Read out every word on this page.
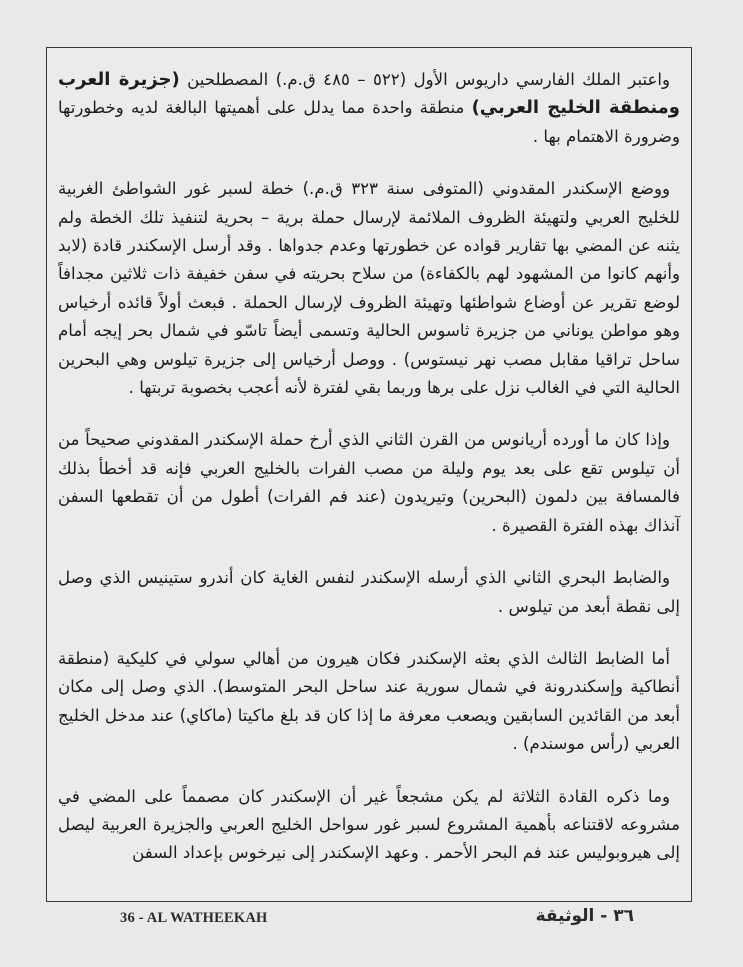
واعتبر الملك الفارسي داريوس الأول (٥٢٢ – ٤٨٥ ق.م.) المصطلحين (جزيرة العرب ومنطقة الخليج العربي) منطقة واحدة مما يدلل على أهميتها البالغة لديه وخطورتها وضرورة الاهتمام بها .

ووضع الإسكندر المقدوني (المتوفى سنة ٣٢٣ ق.م.) خطة لسبر غور الشواطئ الغربية للخليج العربي ولتهيئة الظروف الملائمة لإرسال حملة برية – بحرية لتنفيذ تلك الخطة ولم يثنه عن المضي بها تقارير قواده عن خطورتها وعدم جدواها . وقد أرسل الإسكندر قادة (لابد وأنهم كانوا من المشهود لهم بالكفاءة) من سلاح بحريته في سفن خفيفة ذات ثلاثين مجدافاً لوضع تقرير عن أوضاع شواطئها وتهيئة الظروف لإرسال الحملة . فبعث أولاً قائده أرخياس وهو مواطن يوناني من جزيرة ثاسوس الحالية وتسمى أيضاً تاسّو في شمال بحر إيجه أمام ساحل تراقيا مقابل مصب نهر نيستوس) . ووصل أرخياس إلى جزيرة تيلوس وهي البحرين الحالية التي في الغالب نزل على برها وربما بقي لفترة لأنه أعجب بخصوبة تربتها .

وإذا كان ما أورده أريانوس من القرن الثاني الذي أرخ حملة الإسكندر المقدوني صحيحاً من أن تيلوس تقع على بعد يوم وليلة من مصب الفرات بالخليج العربي فإنه قد أخطأ بذلك فالمسافة بين دلمون (البحرين) وتيريدون (عند فم الفرات) أطول من أن تقطعها السفن آنذاك بهذه الفترة القصيرة .

والضابط البحري الثاني الذي أرسله الإسكندر لنفس الغاية كان أندرو ستينيس الذي وصل إلى نقطة أبعد من تيلوس .

أما الضابط الثالث الذي بعثه الإسكندر فكان هيرون من أهالي سولي في كليكية (منطقة أنطاكية وإسكندرونة في شمال سورية عند ساحل البحر المتوسط). الذي وصل إلى مكان أبعد من القائدين السابقين ويصعب معرفة ما إذا كان قد بلغ ماكيتا (ماكاي) عند مدخل الخليج العربي (رأس موسندم) .

وما ذكره القادة الثلاثة لم يكن مشجعاً غير أن الإسكندر كان مصمماً على المضي في مشروعه لاقتناعه بأهمية المشروع لسبر غور سواحل الخليج العربي والجزيرة العربية ليصل إلى هيروبوليس عند فم البحر الأحمر . وعهد الإسكندر إلى نيرخوس بإعداد السفن

36 - AL WATHEEKAH	٣٦ - الوثيقة
